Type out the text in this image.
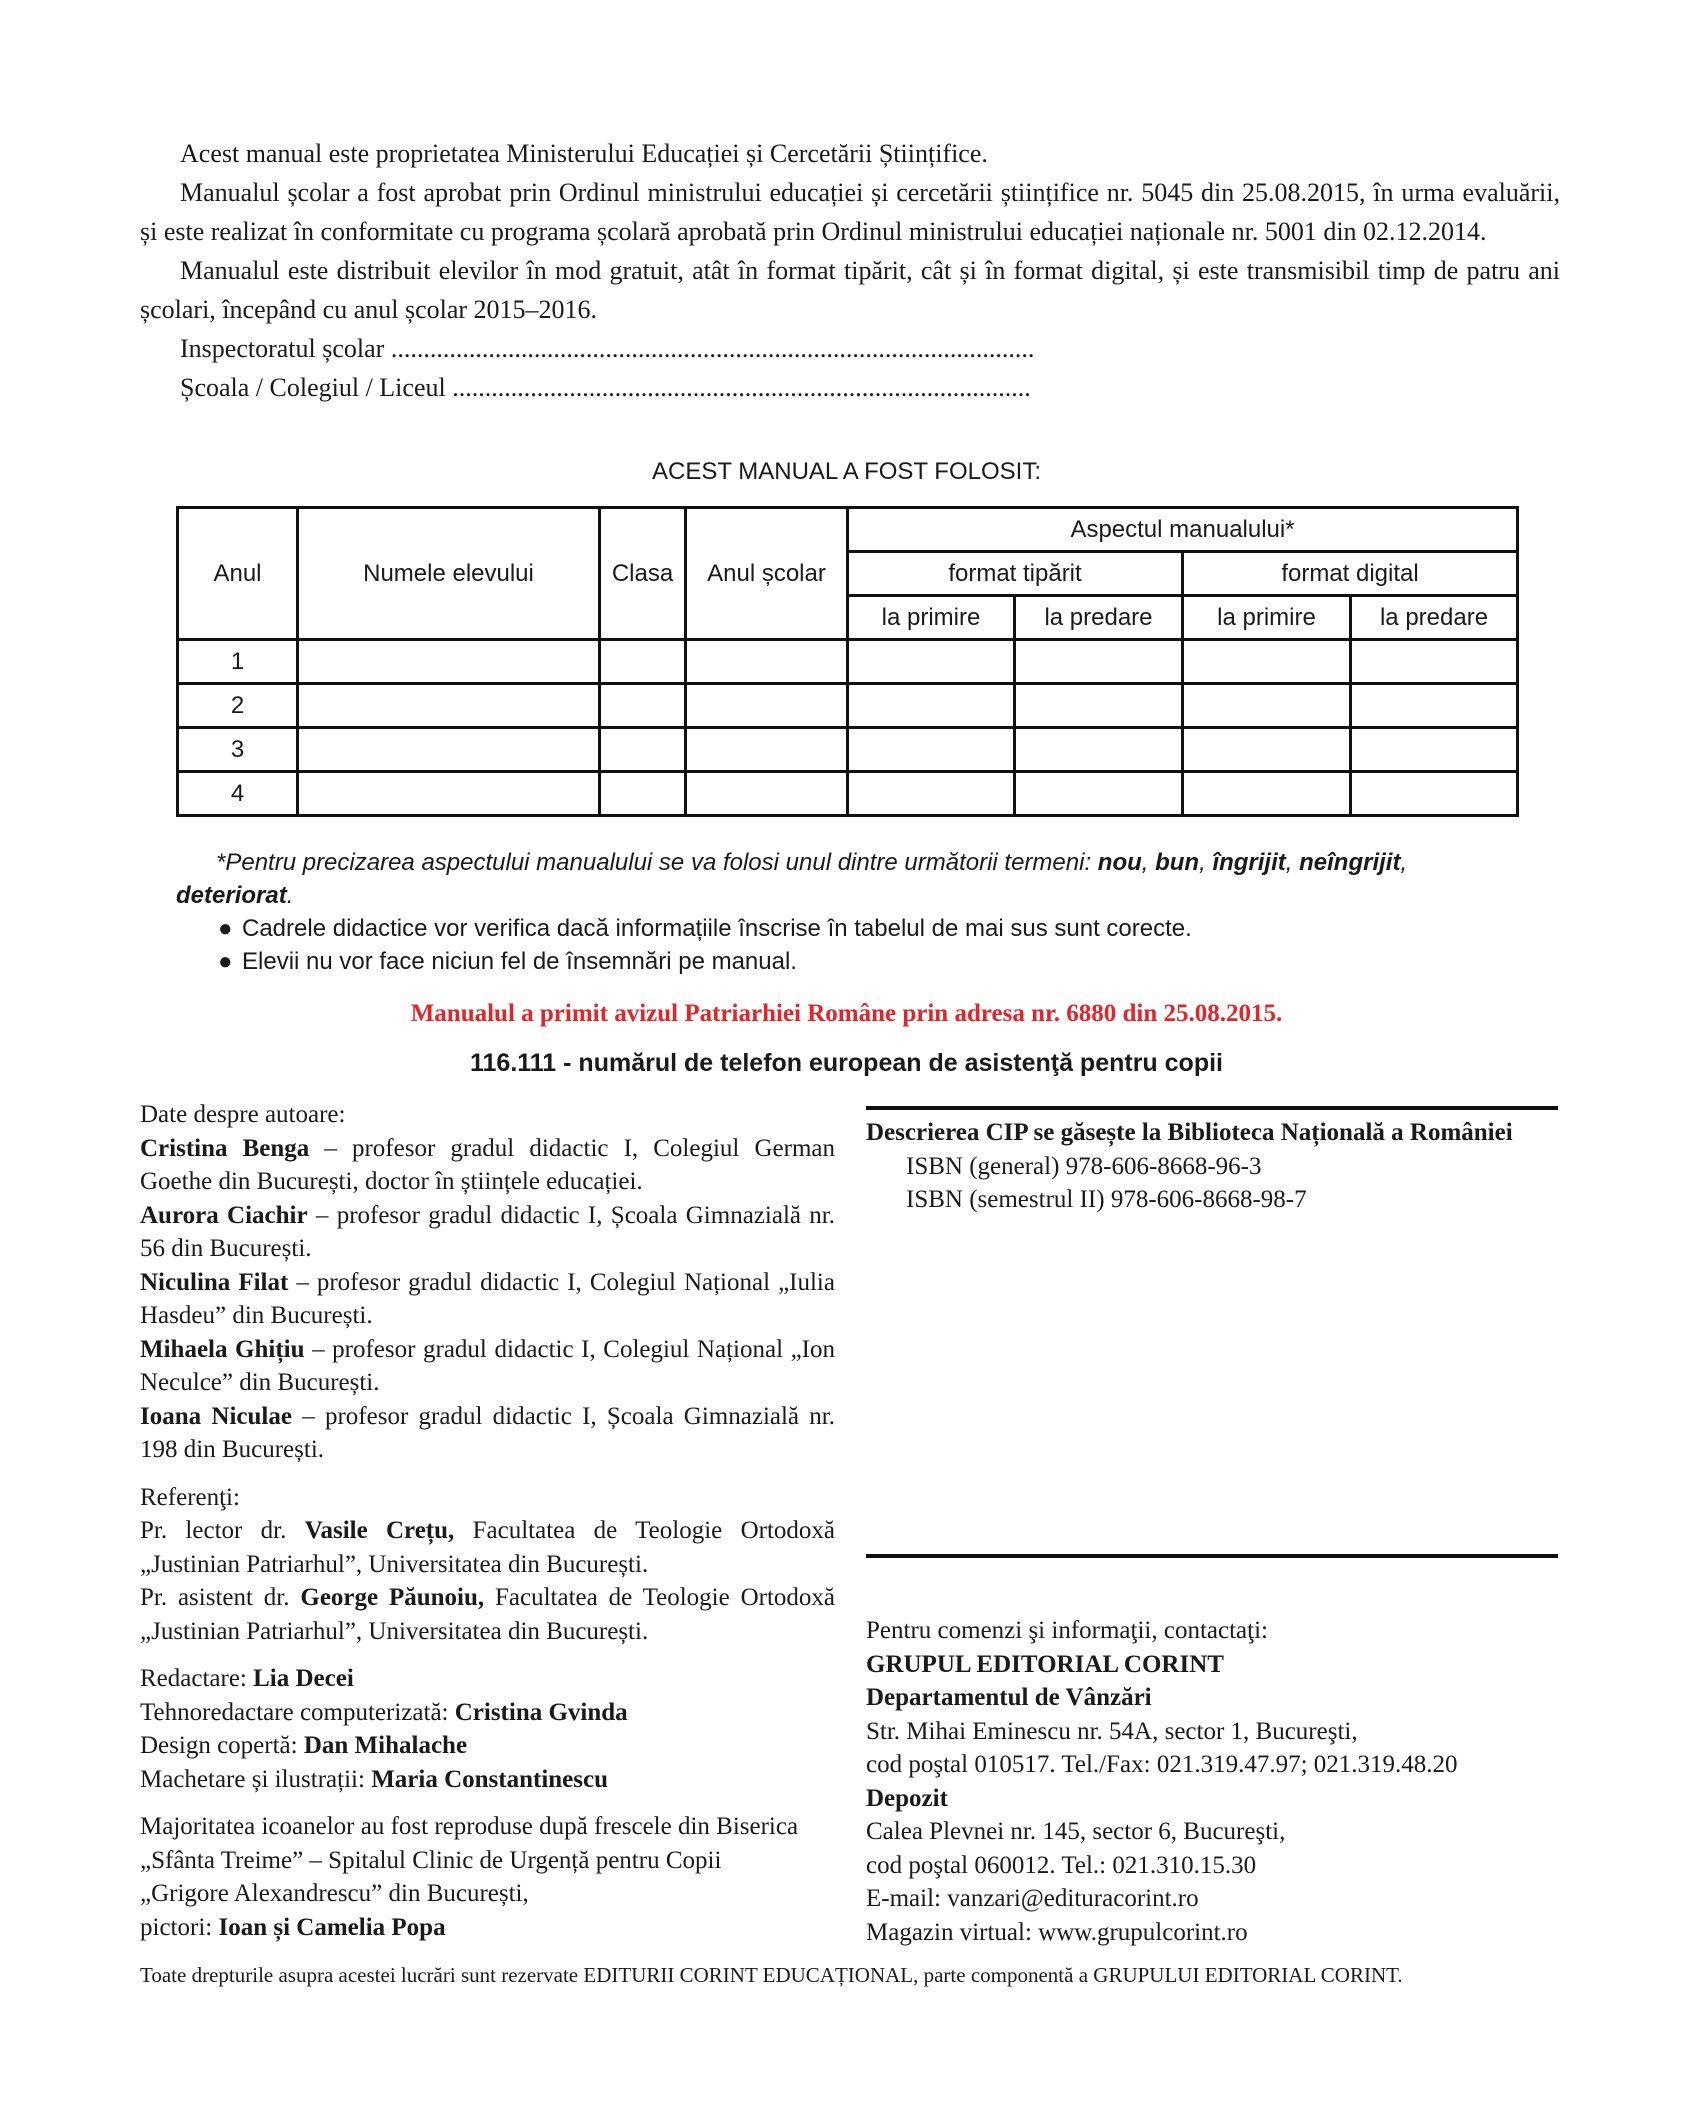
Acest manual este proprietatea Ministerului Educației și Cercetării Științifice.

Manualul școlar a fost aprobat prin Ordinul ministrului educației și cercetării științifice nr. 5045 din 25.08.2015, în urma evaluării, și este realizat în conformitate cu programa școlară aprobată prin Ordinul ministrului educației naționale nr. 5001 din 02.12.2014.

Manualul este distribuit elevilor în mod gratuit, atât în format tipărit, cât și în format digital, și este transmisibil timp de patru ani școlari, începând cu anul școlar 2015–2016.

Inspectoratul școlar ...................................................................................................

Școala / Colegiul / Liceul .........................................................................................

ACEST MANUAL A FOST FOLOSIT:
Anul	Numele elevului	Clasa	Anul școlar	Aspectul manualului*			
				format tipărit		format digital	
				la primire	la predare	la primire	la predare
1							
2							
3							
4							

*Pentru precizarea aspectului manualului se va folosi unul dintre următorii termeni: nou, bun, îngrijit, neîngrijit, deteriorat.

● Cadrele didactice vor verifica dacă informațiile înscrise în tabelul de mai sus sunt corecte.
● Elevii nu vor face niciun fel de însemnări pe manual.
Manualul a primit avizul Patriarhiei Române prin adresa nr. 6880 din 25.08.2015.
116.111 - numărul de telefon european de asistenţă pentru copii

Date despre autoare:

Cristina Benga – profesor gradul didactic I, Colegiul German Goethe din București, doctor în științele educației.

Aurora Ciachir – profesor gradul didactic I, Școala Gimnazială nr. 56 din București.

Niculina Filat – profesor gradul didactic I, Colegiul Național „Iulia Hasdeu” din București.

Mihaela Ghițiu – profesor gradul didactic I, Colegiul Național „Ion Neculce” din București.

Ioana Niculae – profesor gradul didactic I, Școala Gimnazială nr. 198 din București.

Referenţi:

Pr. lector dr. Vasile Crețu, Facultatea de Teologie Ortodoxă „Justinian Patriarhul”, Universitatea din București.

Pr. asistent dr. George Păunoiu, Facultatea de Teologie Ortodoxă „Justinian Patriarhul”, Universitatea din București.

Redactare: Lia Decei

Tehnoredactare computerizată: Cristina Gvinda

Design copertă: Dan Mihalache

Machetare și ilustrații: Maria Constantinescu

Majoritatea icoanelor au fost reproduse după frescele din Biserica „Sfânta Treime” – Spitalul Clinic de Urgență pentru Copii „Grigore Alexandrescu” din București,
pictori: Ioan și Camelia Popa

Descrierea CIP se găsește la Biblioteca Națională a României
ISBN (general) 978-606-8668-96-3
ISBN (semestrul II) 978-606-8668-98-7
Pentru comenzi şi informaţii, contactaţi:
GRUPUL EDITORIAL CORINT
Departamentul de Vânzări
Str. Mihai Eminescu nr. 54A, sector 1, Bucureşti,
cod poştal 010517. Tel./Fax: 021.319.47.97; 021.319.48.20
Depozit
Calea Plevnei nr. 145, sector 6, Bucureşti,
cod poştal 060012. Tel.: 021.310.15.30
E-mail: vanzari@edituracorint.ro
Magazin virtual: www.grupulcorint.ro
Toate drepturile asupra acestei lucrări sunt rezervate EDITURII CORINT EDUCAȚIONAL, parte componentă a GRUPULUI EDITORIAL CORINT.
